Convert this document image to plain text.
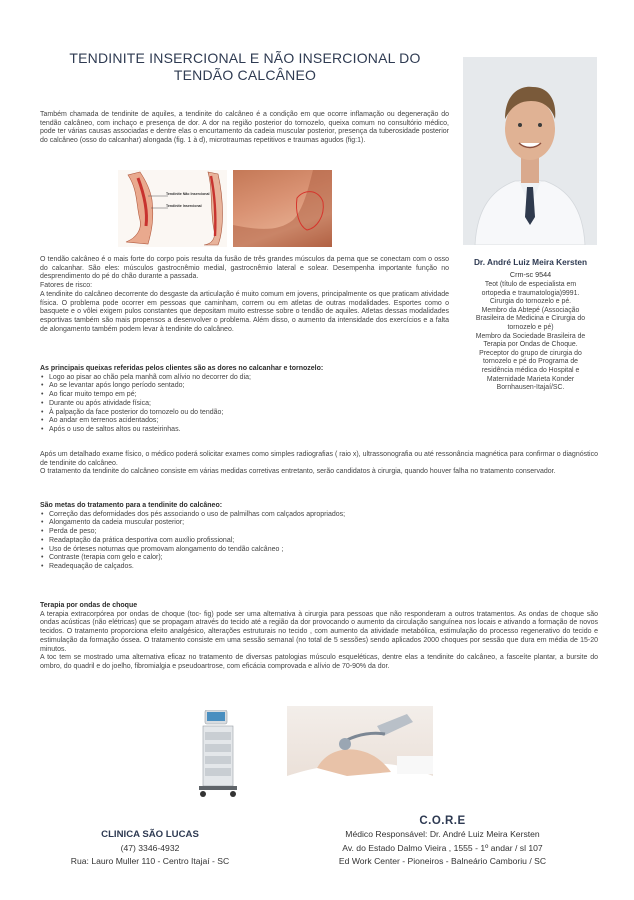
TENDINITE INSERCIONAL E NÃO INSERCIONAL DO
TENDÃO CALCÂNEO

Também chamada de tendinite de aquiles, a tendinite do calcâneo é a condição em que ocorre inflamação ou degeneração do tendão calcâneo, com inchaço e presença de dor. A dor na região posterior do tornozelo, queixa comum no consultório médico, pode ter várias causas associadas e dentre elas o encurtamento da cadeia muscular posterior, presença da tuberosidade posterior do calcâneo (osso do calcanhar) alongada (fig. 1 à d), microtraumas repetitivos e traumas agudos (fig:1).

Tendinite Não Insercional
Tendinite Insercional

O tendão calcâneo é o mais forte do corpo pois resulta da fusão de três grandes músculos da perna que se conectam com o osso do calcanhar. São eles: músculos gastrocnêmio medial, gastrocnêmio lateral e solear. Desempenha importante função no desprendimento do pé do chão durante a passada.

Fatores de risco:

A tendinite do calcâneo decorrente do desgaste da articulação é muito comum em jovens, principalmente os que praticam atividade física. O problema pode ocorrer em pessoas que caminham, correm ou em atletas de outras modalidades. Esportes como o basquete e o vôlei exigem pulos constantes que depositam muito estresse sobre o tendão de aquiles. Atletas dessas modalidades esportivas também são mais propensos a desenvolver o problema. Além disso, o aumento da intensidade dos exercícios e a falta de alongamento também podem levar à tendinite do calcâneo.

As principais queixas referidas pelos clientes são as dores no calcanhar e tornozelo:

• Logo ao pisar ao chão pela manhã com alívio no decorrer do dia;
• Ao se levantar após longo período sentado;
• Ao ficar muito tempo em pé;
• Durante ou após atividade física;
• À palpação da face posterior do tornozelo ou do tendão;
• Ao andar em terrenos acidentados;
• Após o uso de saltos altos ou rasteirinhas.

Após um detalhado exame físico, o médico poderá solicitar exames como simples radiografias ( raio x), ultrassonografia ou até ressonância magnética para confirmar o diagnóstico de tendinite do calcâneo.

O tratamento da tendinite do calcâneo consiste em várias medidas corretivas entretanto, serão candidatos à cirurgia, quando houver falha no tratamento conservador.

São metas do tratamento para a tendinite do calcâneo:

• Correção das deformidades dos pés associando o uso de palmilhas com calçados apropriados;
• Alongamento da cadeia muscular posterior;
• Perda de peso;
• Readaptação da prática desportiva com auxílio profissional;
• Uso de órteses noturnas que promovam alongamento do tendão calcâneo ;
• Contraste (terapia com gelo e calor);
• Readequação de calçados.

Terapia por ondas de choque

A terapia extracorpórea por ondas de choque (toc- fig) pode ser uma alternativa à cirurgia para pessoas que não responderam a outros tratamentos. As ondas de choque são ondas acústicas (não elétricas) que se propagam através do tecido até a região da dor provocando o aumento da circulação sanguínea nos locais e ativando a formação de novos tecidos. O tratamento proporciona efeito analgésico, alterações estruturais no tecido , com aumento da atividade metabólica, estimulação do processo regenerativo do tecido e estimulação da formação óssea. O tratamento consiste em uma sessão semanal (no total de 5 sessões) sendo aplicados 2000 choques por sessão que dura em média de 15-20 minutos.

A toc tem se mostrado uma alternativa eficaz no tratamento de diversas patologias músculo esqueléticas, dentre elas a tendinite do calcâneo, a fasceíte plantar, a bursite do ombro, do quadril e do joelho, fibromialgia e pseudoartrose, com eficácia comprovada e alívio de 70-90% da dor.

Dr. André Luiz Meira Kersten
Crm-sc 9544
Teot (título de especialista em
ortopedia e traumatologia)9991.
Cirurgia do tornozelo e pé.
Membro da Abtepé (Associação
Brasileira de Medicina e Cirurgia do
tornozelo e pé)
Membro da Sociedade Brasileira de
Terapia por Ondas de Choque.
Preceptor do grupo de cirurgia do
tornozelo e pé do Programa de
residência médica do Hospital e
Maternidade Marieta Konder
Bornhausen-Itajaí/SC.
CLINICA SÃO LUCAS
(47) 3346-4932
Rua: Lauro Muller 110 - Centro Itajaí - SC
C.O.R.E
Médico Responsável: Dr. André Luiz Meira Kersten
Av. do Estado Dalmo Vieira , 1555 - 1º andar / sl 107
Ed Work Center - Pioneiros - Balneário Camboriu / SC
